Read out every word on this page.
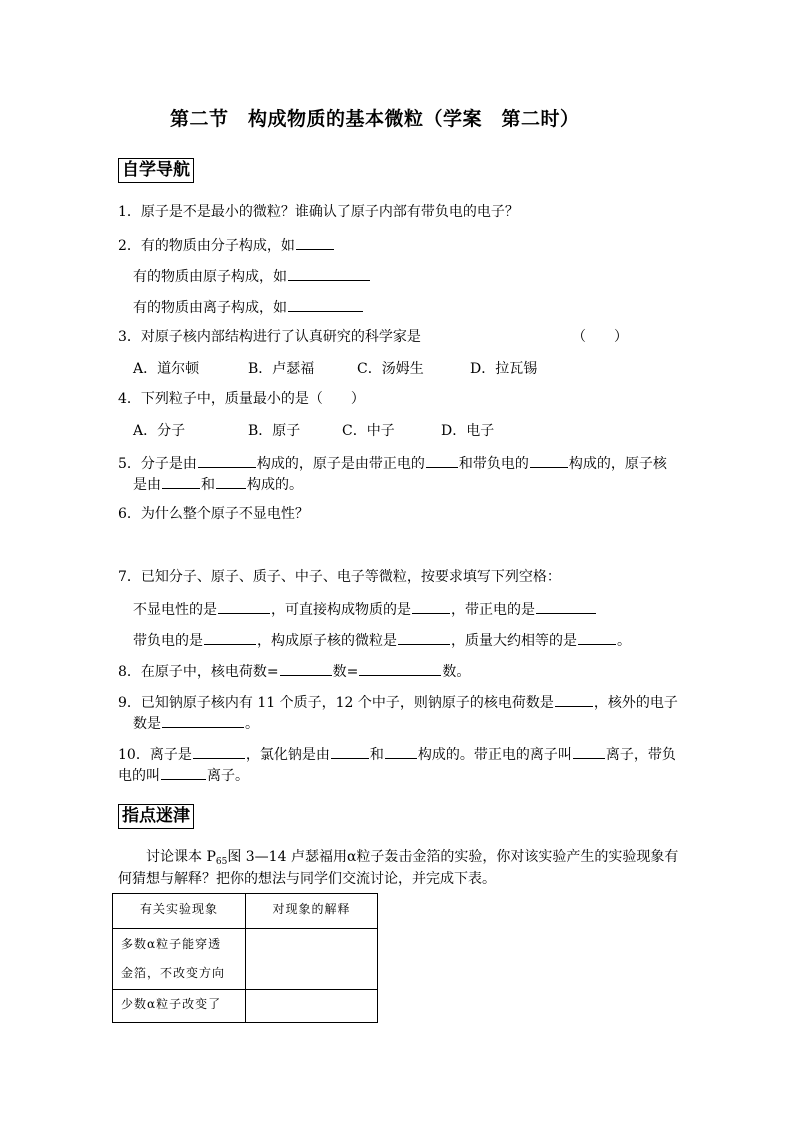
第二节　构成物质的基本微粒（学案　第二时）
自学导航
1．原子是不是最小的微粒？谁确认了原子内部有带负电的电子？
2．有的物质由分子构成，如
有的物质由原子构成，如
有的物质由离子构成，如
3．对原子核内部结构进行了认真研究的科学家是	（　　）
A．道尔顿	B．卢瑟福	C．汤姆生	D．拉瓦锡
4．下列粒子中，质量最小的是（　　）
A．分子	B．原子	C．中子	D．电子
5．分子是由	构成的，原子是由带正电的 和带负电的	构成的，原子核
是由	和 构成的。
6．为什么整个原子不显电性？
7．已知分子、原子、质子、中子、电子等微粒，按要求填写下列空格：
不显电性的是	，可直接构成物质的是	，带正电的是
带负电的是	，构成原子核的微粒是	，质量大约相等的是	。
8．在原子中，核电荷数=	数=	数。
9．已知钠原子核内有 11 个质子，12 个中子，则钠原子的核电荷数是	，核外的电子
数是	。
10．离子是	，氯化钠是由	和 构成的。带正电的离子叫 离子，带负
电的叫	离子。
指点迷津
讨论课本 $P_{65}$图 3—14 卢瑟福用α粒子轰击金箔的实验，你对该实验产生的实验现象有
何猜想与解释？把你的想法与同学们交流讨论，并完成下表。
有关实验现象	对现象的解释

多数α粒子能穿透
金箔，不改变方向	

少数α粒子改变了	
